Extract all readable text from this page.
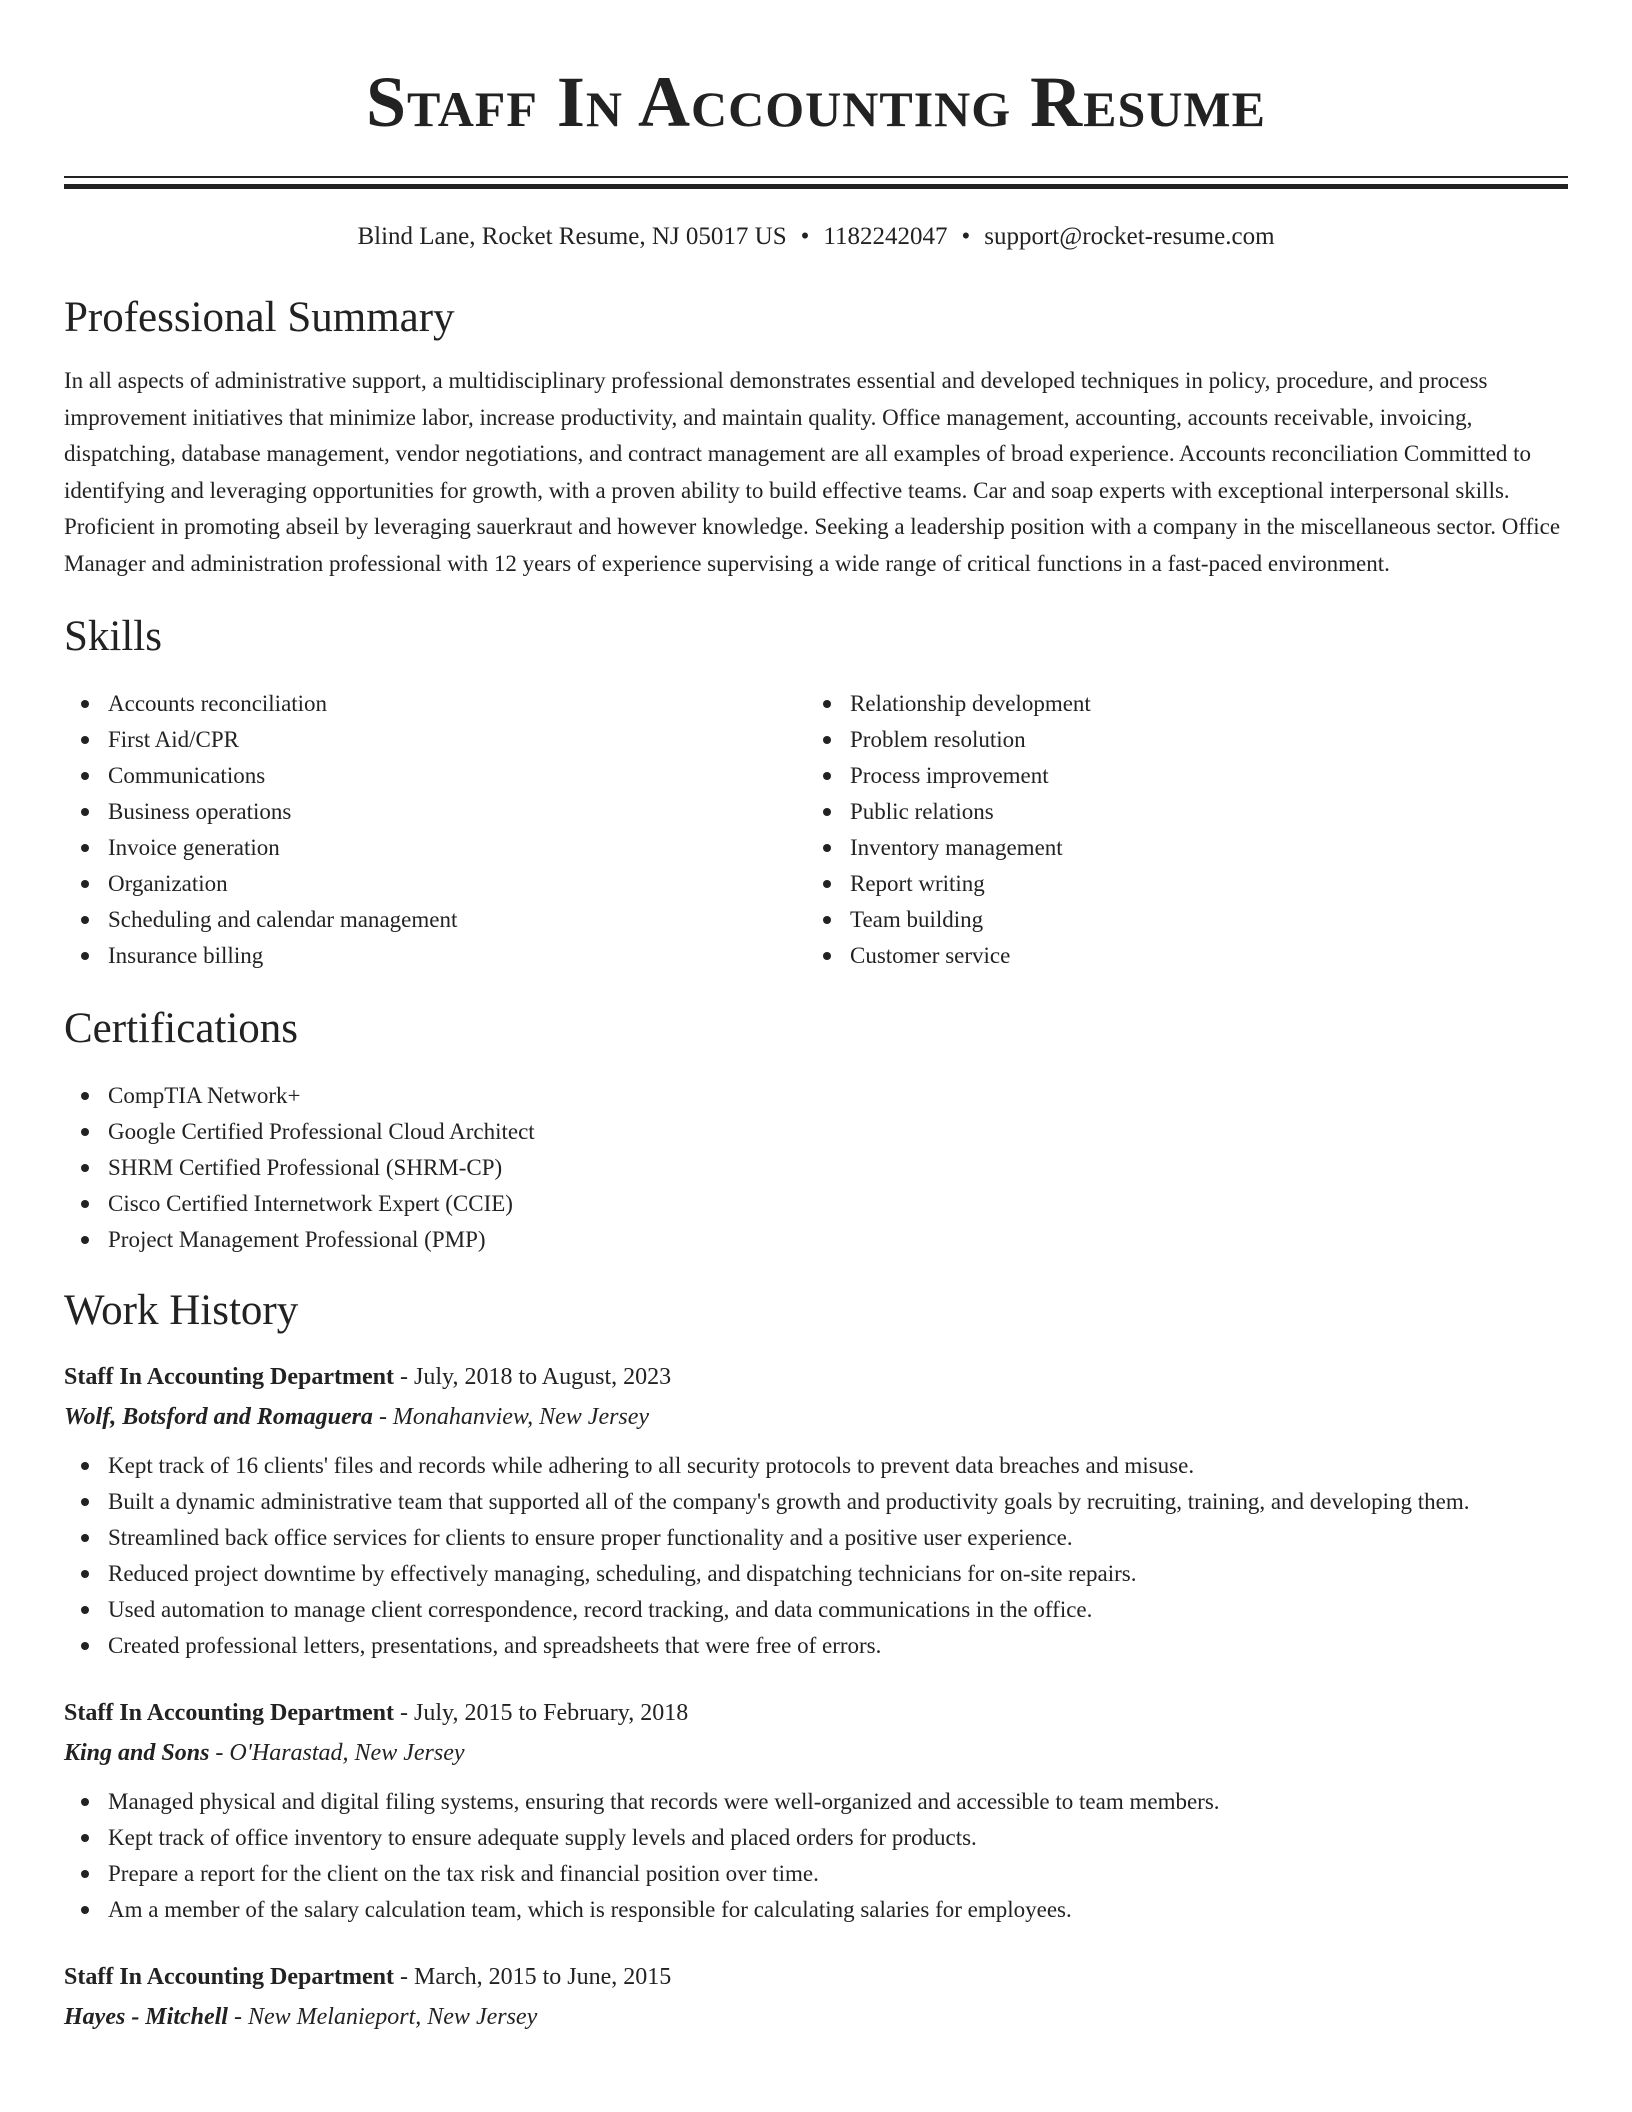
Staff In Accounting Resume
Blind Lane, Rocket Resume, NJ 05017 US • 1182242047 • support@rocket-resume.com
Professional Summary

In all aspects of administrative support, a multidisciplinary professional demonstrates essential and developed techniques in policy, procedure, and process improvement initiatives that minimize labor, increase productivity, and maintain quality. Office management, accounting, accounts receivable, invoicing, dispatching, database management, vendor negotiations, and contract management are all examples of broad experience. Accounts reconciliation Committed to identifying and leveraging opportunities for growth, with a proven ability to build effective teams. Car and soap experts with exceptional interpersonal skills. Proficient in promoting abseil by leveraging sauerkraut and however knowledge. Seeking a leadership position with a company in the miscellaneous sector. Office Manager and administration professional with 12 years of experience supervising a wide range of critical functions in a fast-paced environment.

Skills
Accounts reconciliation
First Aid/CPR
Communications
Business operations
Invoice generation
Organization
Scheduling and calendar management
Insurance billing
Relationship development
Problem resolution
Process improvement
Public relations
Inventory management
Report writing
Team building
Customer service
Certifications
CompTIA Network+
Google Certified Professional Cloud Architect
SHRM Certified Professional (SHRM-CP)
Cisco Certified Internetwork Expert (CCIE)
Project Management Professional (PMP)
Work History
Staff In Accounting Department - July, 2018 to August, 2023
Wolf, Botsford and Romaguera - Monahanview, New Jersey
Kept track of 16 clients' files and records while adhering to all security protocols to prevent data breaches and misuse.
Built a dynamic administrative team that supported all of the company's growth and productivity goals by recruiting, training, and developing them.
Streamlined back office services for clients to ensure proper functionality and a positive user experience.
Reduced project downtime by effectively managing, scheduling, and dispatching technicians for on-site repairs.
Used automation to manage client correspondence, record tracking, and data communications in the office.
Created professional letters, presentations, and spreadsheets that were free of errors.
Staff In Accounting Department - July, 2015 to February, 2018
King and Sons - O'Harastad, New Jersey
Managed physical and digital filing systems, ensuring that records were well-organized and accessible to team members.
Kept track of office inventory to ensure adequate supply levels and placed orders for products.
Prepare a report for the client on the tax risk and financial position over time.
Am a member of the salary calculation team, which is responsible for calculating salaries for employees.
Staff In Accounting Department - March, 2015 to June, 2015
Hayes - Mitchell - New Melanieport, New Jersey
